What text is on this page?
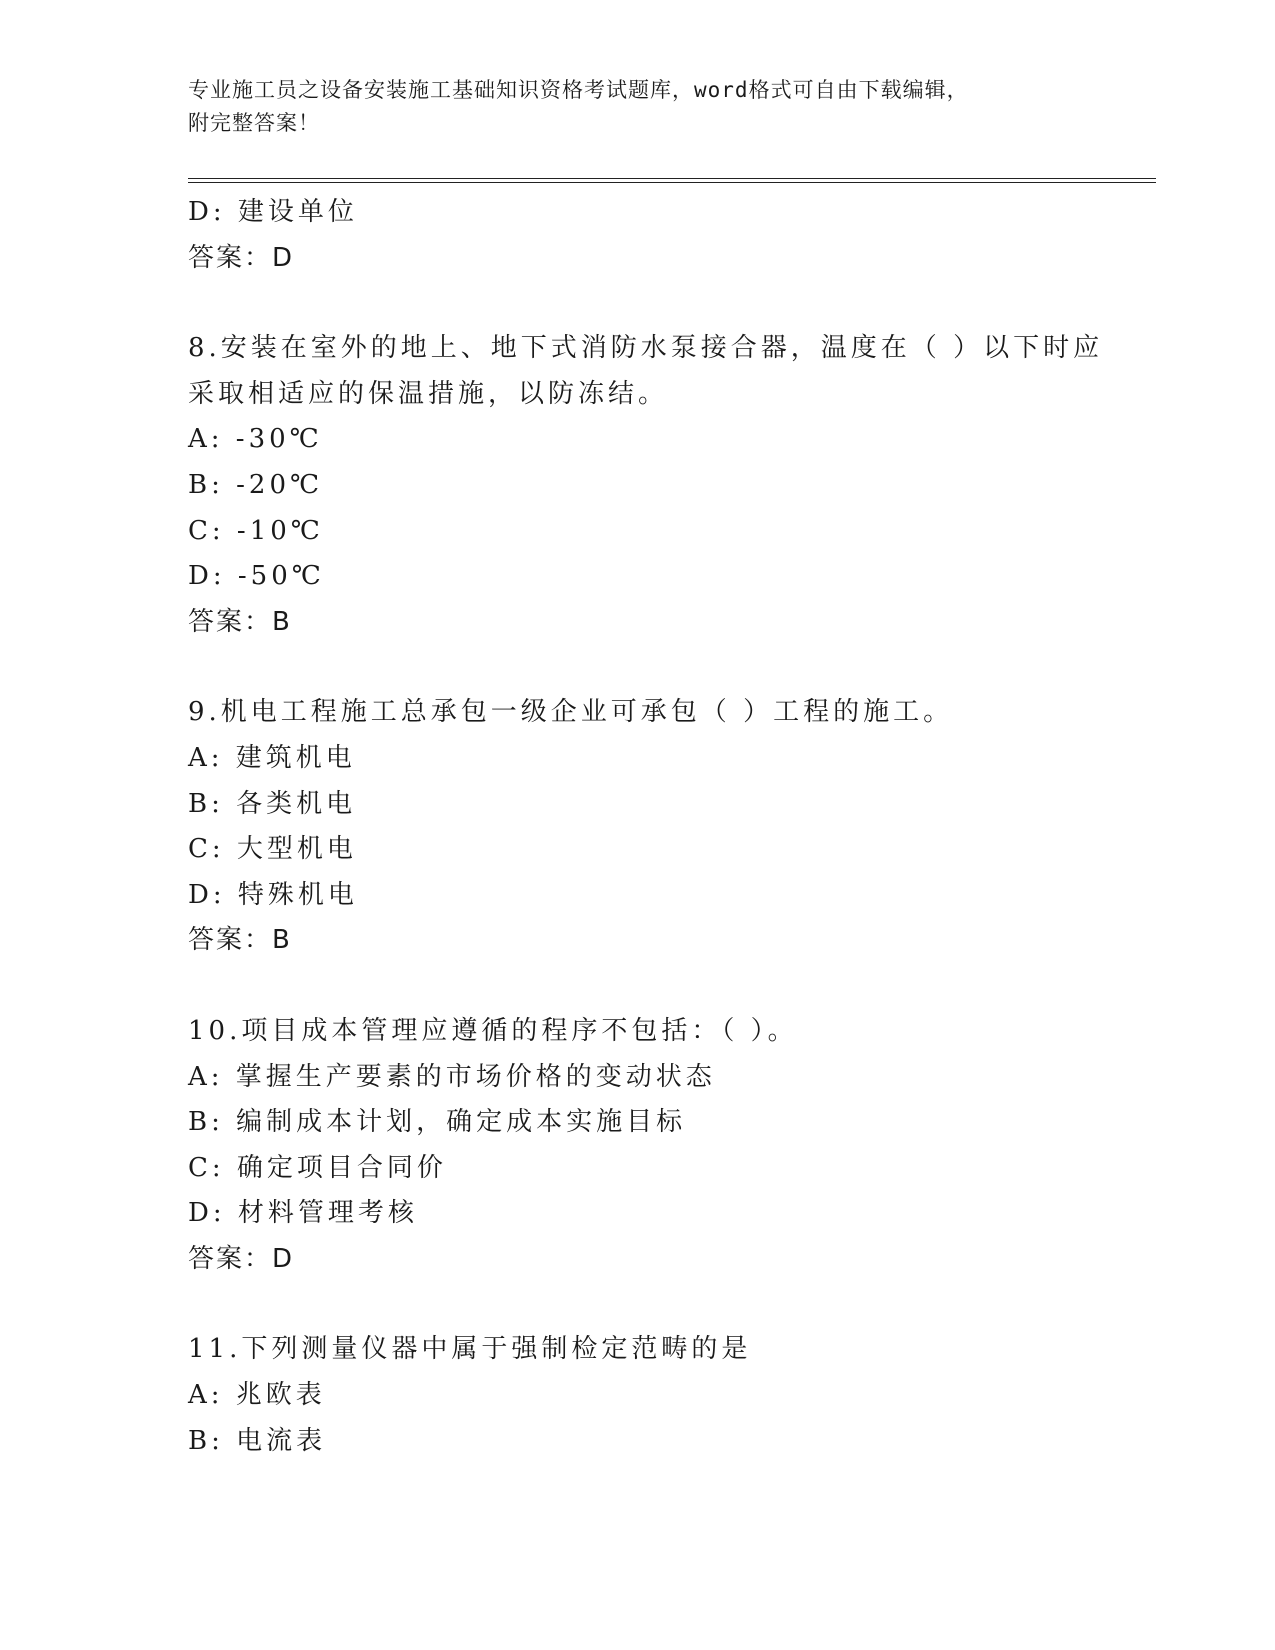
专业施工员之设备安装施工基础知识资格考试题库，word格式可自由下载编辑，
附完整答案！
D: 建设单位
答案：D
8.安装在室外的地上、地下式消防水泵接合器，温度在（ ）以下时应
采取相适应的保温措施，以防冻结。
A: -30℃
B: -20℃
C: -10℃
D: -50℃
答案：B
9.机电工程施工总承包一级企业可承包（ ）工程的施工。
A: 建筑机电
B: 各类机电
C: 大型机电
D: 特殊机电
答案：B
10.项目成本管理应遵循的程序不包括：（ ）。
A: 掌握生产要素的市场价格的变动状态
B: 编制成本计划，确定成本实施目标
C: 确定项目合同价
D: 材料管理考核
答案：D
11.下列测量仪器中属于强制检定范畴的是
A: 兆欧表
B: 电流表
